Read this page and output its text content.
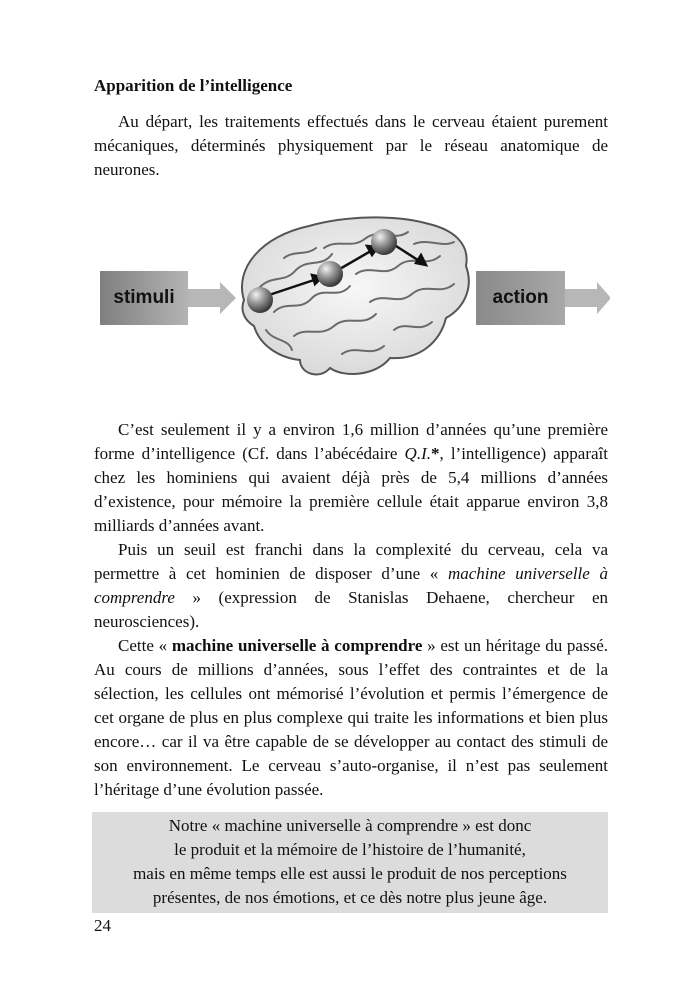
Apparition de l’intelligence

Au départ, les traitements effectués dans le cerveau étaient purement mécaniques, déterminés physiquement par le réseau anatomique de neurones.

stimuli	action

C’est seulement il y a environ 1,6 million d’années qu’une première forme d’intelligence (Cf. dans l’abécédaire Q.I.*, l’intelligence) apparaît chez les hominiens qui avaient déjà près de 5,4 millions d’années d’existence, pour mémoire la première cellule était apparue environ 3,8 milliards d’années avant.

Puis un seuil est franchi dans la complexité du cerveau, cela va permettre à cet hominien de disposer d’une « machine universelle à comprendre » (expression de Stanislas Dehaene, chercheur en neurosciences).

Cette « machine universelle à comprendre » est un héritage du passé. Au cours de millions d’années, sous l’effet des contraintes et de la sélection, les cellules ont mémorisé l’évolution et permis l’émergence de cet organe de plus en plus complexe qui traite les informations et bien plus encore… car il va être capable de se développer au contact des stimuli de son environnement. Le cerveau s’auto-organise, il n’est pas seulement l’héritage d’une évolution passée.

Notre « machine universelle à comprendre » est donc
le produit et la mémoire de l’histoire de l’humanité,
mais en même temps elle est aussi le produit de nos perceptions
présentes, de nos émotions, et ce dès notre plus jeune âge.
24
